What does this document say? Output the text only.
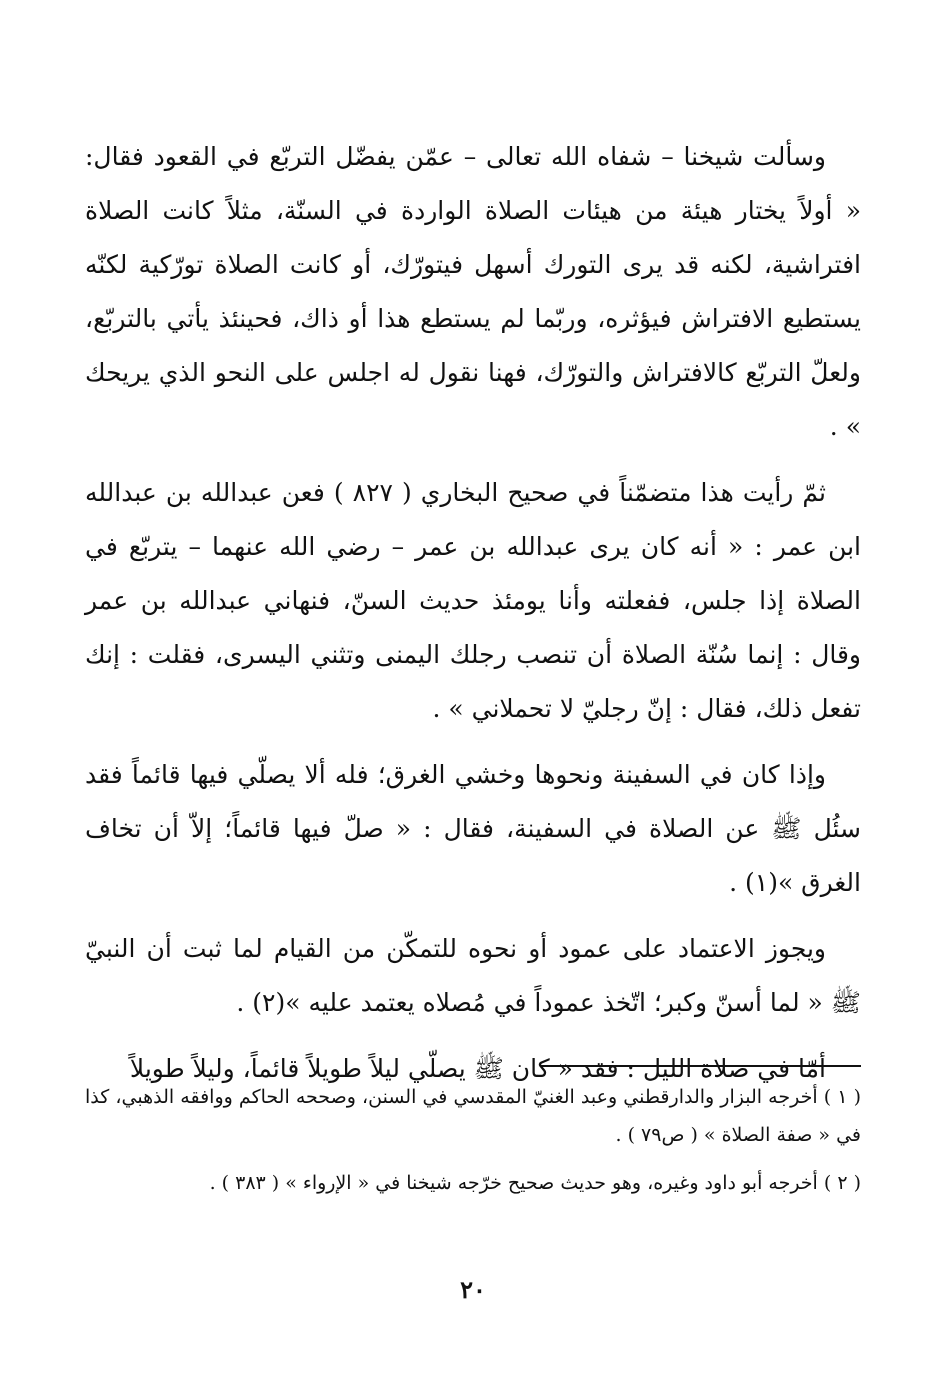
وسألت شيخنا – شفاه الله تعالى – عمّن يفضّل التربّع في القعود فقال: « أولاً يختار هيئة من هيئات الصلاة الواردة في السنّة، مثلاً كانت الصلاة افتراشية، لكنه قد يرى التورك أسهل فيتورّك، أو كانت الصلاة تورّكية لكنّه يستطيع الافتراش فيؤثره، وربّما لم يستطع هذا أو ذاك، فحينئذ يأتي بالتربّع، ولعلّ التربّع كالافتراش والتورّك، فهنا نقول له اجلس على النحو الذي يريحك » .

ثمّ رأيت هذا متضمّناً في صحيح البخاري ( ٨٢٧ ) فعن عبدالله بن عبدالله ابن عمر : « أنه كان يرى عبدالله بن عمر – رضي الله عنهما – يتربّع في الصلاة إذا جلس، ففعلته وأنا يومئذ حديث السنّ، فنهاني عبدالله بن عمر وقال : إنما سُنّة الصلاة أن تنصب رجلك اليمنى وتثني اليسرى، فقلت : إنك تفعل ذلك، فقال : إنّ رجليّ لا تحملاني » .

وإذا كان في السفينة ونحوها وخشي الغرق؛ فله ألا يصلّي فيها قائماً فقد سئُل ﷺ عن الصلاة في السفينة، فقال : « صلّ فيها قائماً؛ إلاّ أن تخاف الغرق »(١) .

ويجوز الاعتماد على عمود أو نحوه للتمكّن من القيام لما ثبت أن النبيّ ﷺ « لما أسنّ وكبر؛ اتّخذ عموداً في مُصلاه يعتمد عليه »(٢) .

أمّا في صلاة الليل : فقد « كان ﷺ يصلّي ليلاً طويلاً قائماً، وليلاً طويلاً

( ١ ) أخرجه البزار والدارقطني وعبد الغنيّ المقدسي في السنن، وصححه الحاكم ووافقه الذهبي، كذا في « صفة الصلاة » ( ص٧٩ ) .

( ٢ ) أخرجه أبو داود وغيره، وهو حديث صحيح خرّجه شيخنا في « الإرواء » ( ٣٨٣ ) .

٢٠
